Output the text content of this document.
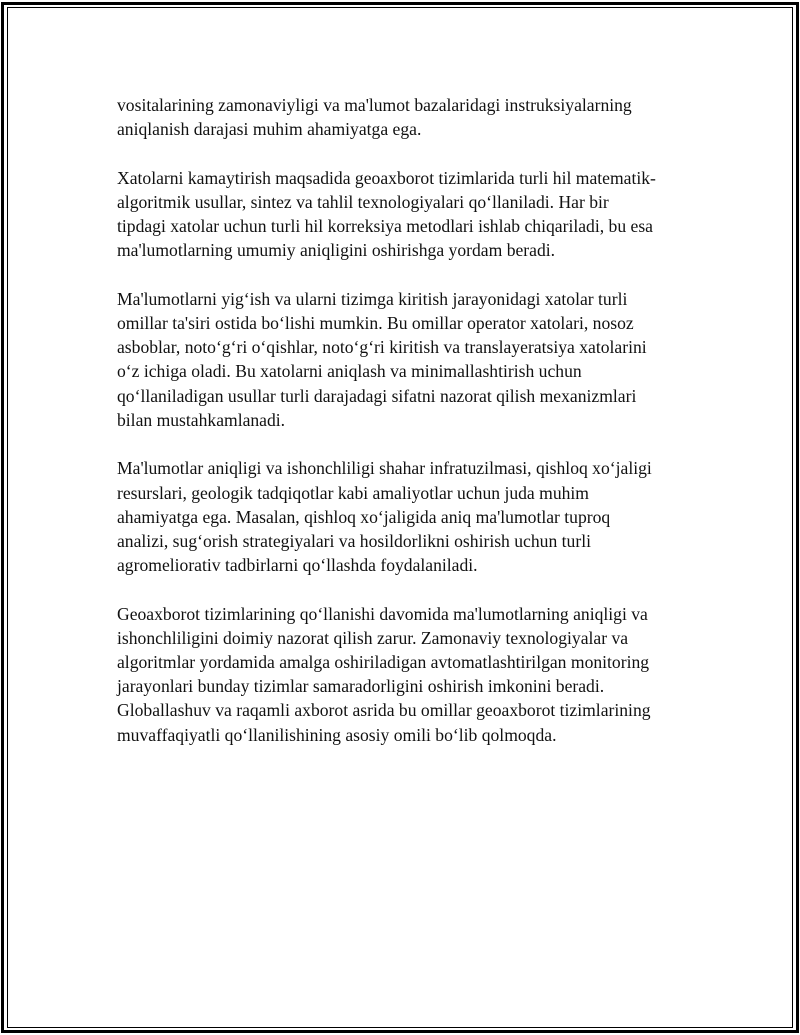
vositalarining zamonaviyligi va ma'lumot bazalaridagi instruksiyalarning
aniqlanish darajasi muhim ahamiyatga ega.

Xatolarni kamaytirish maqsadida geoaxborot tizimlarida turli hil matematik-
algoritmik usullar, sintez va tahlil texnologiyalari qo‘llaniladi. Har bir
tipdagi xatolar uchun turli hil korreksiya metodlari ishlab chiqariladi, bu esa
ma'lumotlarning umumiy aniqligini oshirishga yordam beradi.

Ma'lumotlarni yig‘ish va ularni tizimga kiritish jarayonidagi xatolar turli
omillar ta'siri ostida bo‘lishi mumkin. Bu omillar operator xatolari, nosoz
asboblar, noto‘g‘ri o‘qishlar, noto‘g‘ri kiritish va translayeratsiya xatolarini
o‘z ichiga oladi. Bu xatolarni aniqlash va minimallashtirish uchun
qo‘llaniladigan usullar turli darajadagi sifatni nazorat qilish mexanizmlari
bilan mustahkamlanadi.

Ma'lumotlar aniqligi va ishonchliligi shahar infratuzilmasi, qishloq xo‘jaligi
resurslari, geologik tadqiqotlar kabi amaliyotlar uchun juda muhim
ahamiyatga ega. Masalan, qishloq xo‘jaligida aniq ma'lumotlar tuproq
analizi, sug‘orish strategiyalari va hosildorlikni oshirish uchun turli
agromeliorativ tadbirlarni qo‘llashda foydalaniladi.

Geoaxborot tizimlarining qo‘llanishi davomida ma'lumotlarning aniqligi va
ishonchliligini doimiy nazorat qilish zarur. Zamonaviy texnologiyalar va
algoritmlar yordamida amalga oshiriladigan avtomatlashtirilgan monitoring
jarayonlari bunday tizimlar samaradorligini oshirish imkonini beradi.
Globallashuv va raqamli axborot asrida bu omillar geoaxborot tizimlarining
muvaffaqiyatli qo‘llanilishining asosiy omili bo‘lib qolmoqda.
